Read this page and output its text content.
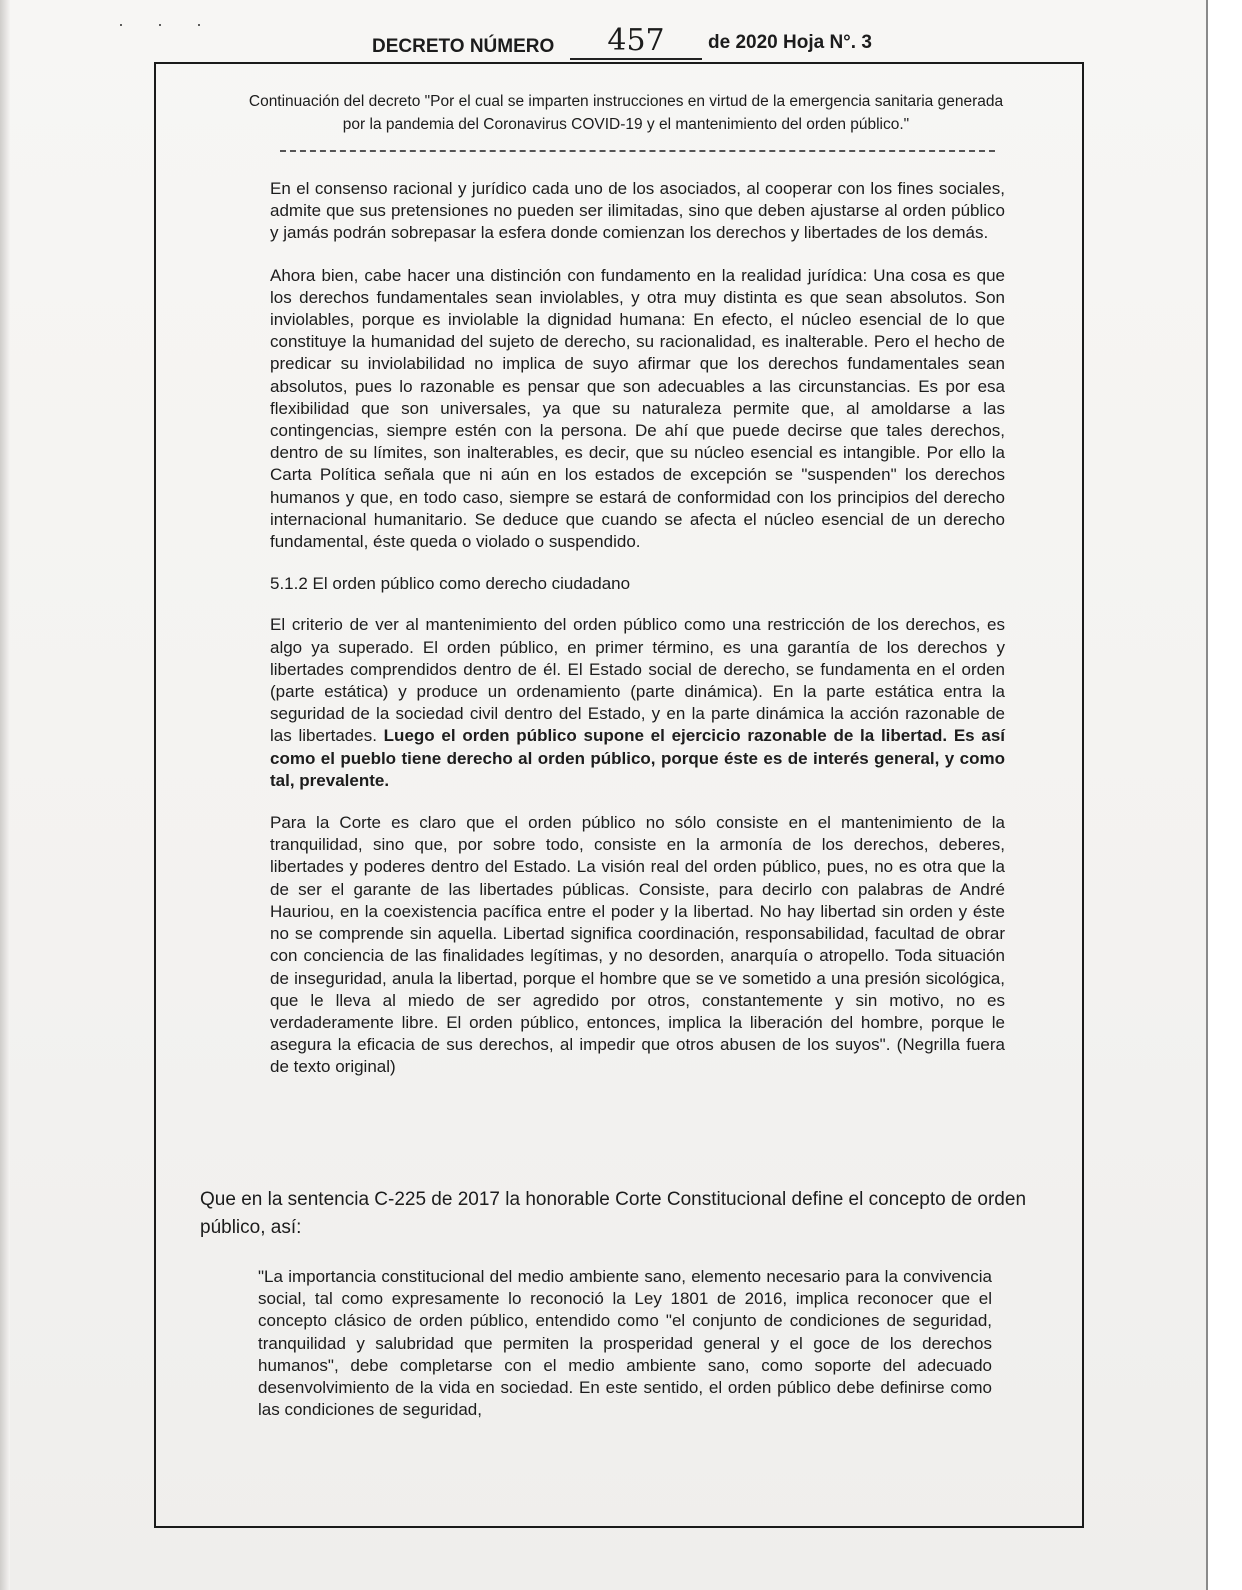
· · ·
DECRETO NÚMERO	457	de 2020 Hoja N°. 3
Continuación del decreto "Por el cual se imparten instrucciones en virtud de la emergencia sanitaria generada
por la pandemia del Coronavirus COVID-19 y el mantenimiento del orden público."

En el consenso racional y jurídico cada uno de los asociados, al cooperar con los fines sociales, admite que sus pretensiones no pueden ser ilimitadas, sino que deben ajustarse al orden público y jamás podrán sobrepasar la esfera donde comienzan los derechos y libertades de los demás.

Ahora bien, cabe hacer una distinción con fundamento en la realidad jurídica: Una cosa es que los derechos fundamentales sean inviolables, y otra muy distinta es que sean absolutos. Son inviolables, porque es inviolable la dignidad humana: En efecto, el núcleo esencial de lo que constituye la humanidad del sujeto de derecho, su racionalidad, es inalterable. Pero el hecho de predicar su inviolabilidad no implica de suyo afirmar que los derechos fundamentales sean absolutos, pues lo razonable es pensar que son adecuables a las circunstancias. Es por esa flexibilidad que son universales, ya que su naturaleza permite que, al amoldarse a las contingencias, siempre estén con la persona. De ahí que puede decirse que tales derechos, dentro de su límites, son inalterables, es decir, que su núcleo esencial es intangible. Por ello la Carta Política señala que ni aún en los estados de excepción se "suspenden" los derechos humanos y que, en todo caso, siempre se estará de conformidad con los principios del derecho internacional humanitario. Se deduce que cuando se afecta el núcleo esencial de un derecho fundamental, éste queda o violado o suspendido.

5.1.2 El orden público como derecho ciudadano

El criterio de ver al mantenimiento del orden público como una restricción de los derechos, es algo ya superado. El orden público, en primer término, es una garantía de los derechos y libertades comprendidos dentro de él. El Estado social de derecho, se fundamenta en el orden (parte estática) y produce un ordenamiento (parte dinámica). En la parte estática entra la seguridad de la sociedad civil dentro del Estado, y en la parte dinámica la acción razonable de las libertades. Luego el orden público supone el ejercicio razonable de la libertad. Es así como el pueblo tiene derecho al orden público, porque éste es de interés general, y como tal, prevalente.

Para la Corte es claro que el orden público no sólo consiste en el mantenimiento de la tranquilidad, sino que, por sobre todo, consiste en la armonía de los derechos, deberes, libertades y poderes dentro del Estado. La visión real del orden público, pues, no es otra que la de ser el garante de las libertades públicas. Consiste, para decirlo con palabras de André Hauriou, en la coexistencia pacífica entre el poder y la libertad. No hay libertad sin orden y éste no se comprende sin aquella. Libertad significa coordinación, responsabilidad, facultad de obrar con conciencia de las finalidades legítimas, y no desorden, anarquía o atropello. Toda situación de inseguridad, anula la libertad, porque el hombre que se ve sometido a una presión sicológica, que le lleva al miedo de ser agredido por otros, constantemente y sin motivo, no es verdaderamente libre. El orden público, entonces, implica la liberación del hombre, porque le asegura la eficacia de sus derechos, al impedir que otros abusen de los suyos". (Negrilla fuera de texto original)

Que en la sentencia C-225 de 2017 la honorable Corte Constitucional define el concepto de orden público, así:
"La importancia constitucional del medio ambiente sano, elemento necesario para la convivencia social, tal como expresamente lo reconoció la Ley 1801 de 2016, implica reconocer que el concepto clásico de orden público, entendido como "el conjunto de condiciones de seguridad, tranquilidad y salubridad que permiten la prosperidad general y el goce de los derechos humanos", debe completarse con el medio ambiente sano, como soporte del adecuado desenvolvimiento de la vida en sociedad. En este sentido, el orden público debe definirse como las condiciones de seguridad,
